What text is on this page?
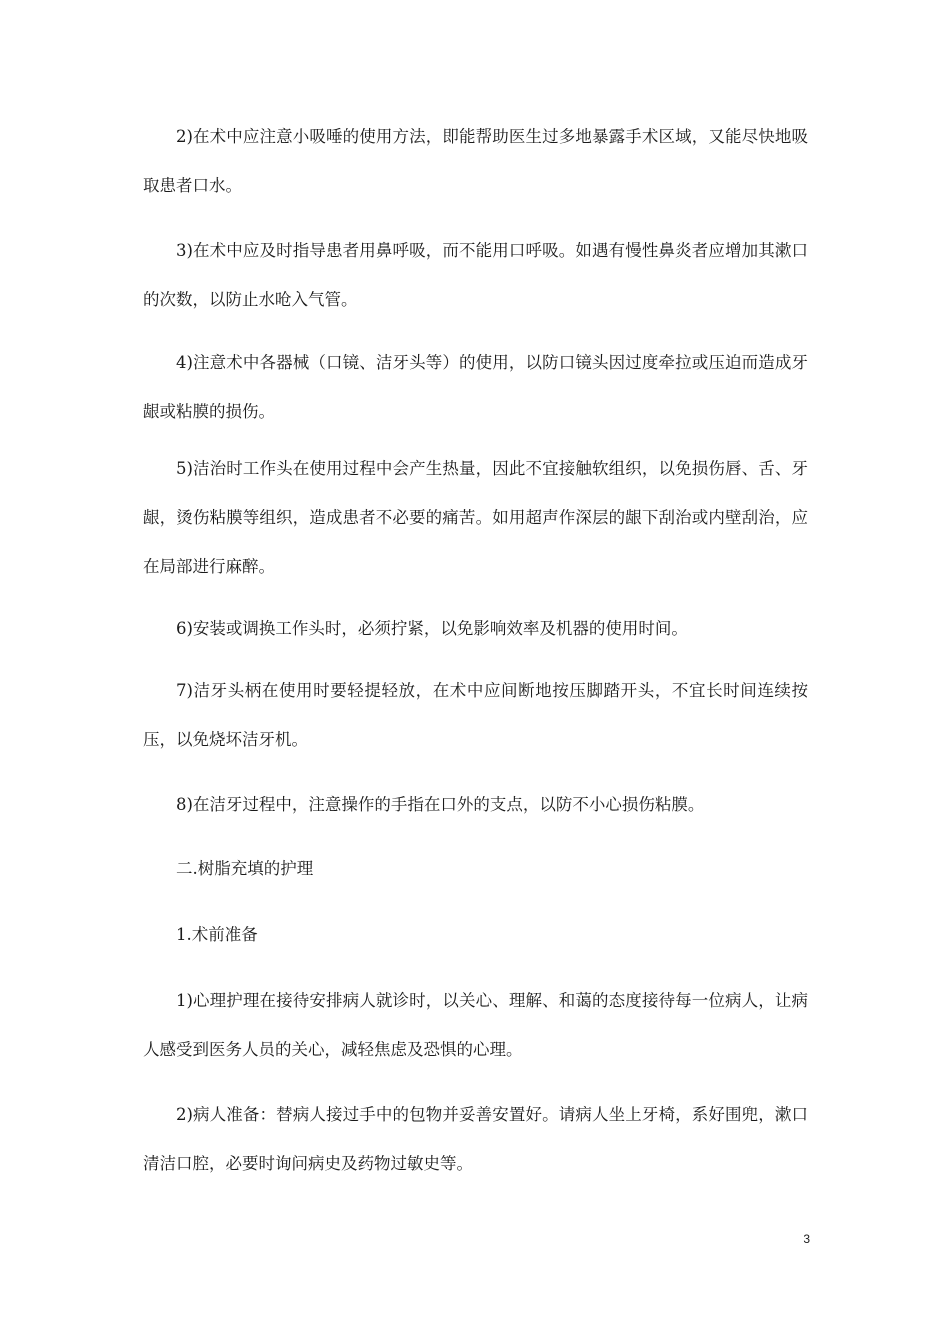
2)在术中应注意小吸唾的使用方法，即能帮助医生过多地暴露手术区域，又能尽快地吸取患者口水。

3)在术中应及时指导患者用鼻呼吸，而不能用口呼吸。如遇有慢性鼻炎者应增加其漱口的次数，以防止水呛入气管。

4)注意术中各器械（口镜、洁牙头等）的使用，以防口镜头因过度牵拉或压迫而造成牙龈或粘膜的损伤。

5)洁治时工作头在使用过程中会产生热量，因此不宜接触软组织，以免损伤唇、舌、牙龈，烫伤粘膜等组织，造成患者不必要的痛苦。如用超声作深层的龈下刮治或内壁刮治，应在局部进行麻醉。

6)安装或调换工作头时，必须拧紧，以免影响效率及机器的使用时间。

7)洁牙头柄在使用时要轻提轻放，在术中应间断地按压脚踏开头，不宜长时间连续按压，以免烧坏洁牙机。

8)在洁牙过程中，注意操作的手指在口外的支点，以防不小心损伤粘膜。

二.树脂充填的护理

1.术前准备

1)心理护理在接待安排病人就诊时，以关心、理解、和蔼的态度接待每一位病人，让病人感受到医务人员的关心，减轻焦虑及恐惧的心理。

2)病人准备：替病人接过手中的包物并妥善安置好。请病人坐上牙椅，系好围兜，漱口清洁口腔，必要时询问病史及药物过敏史等。

3
